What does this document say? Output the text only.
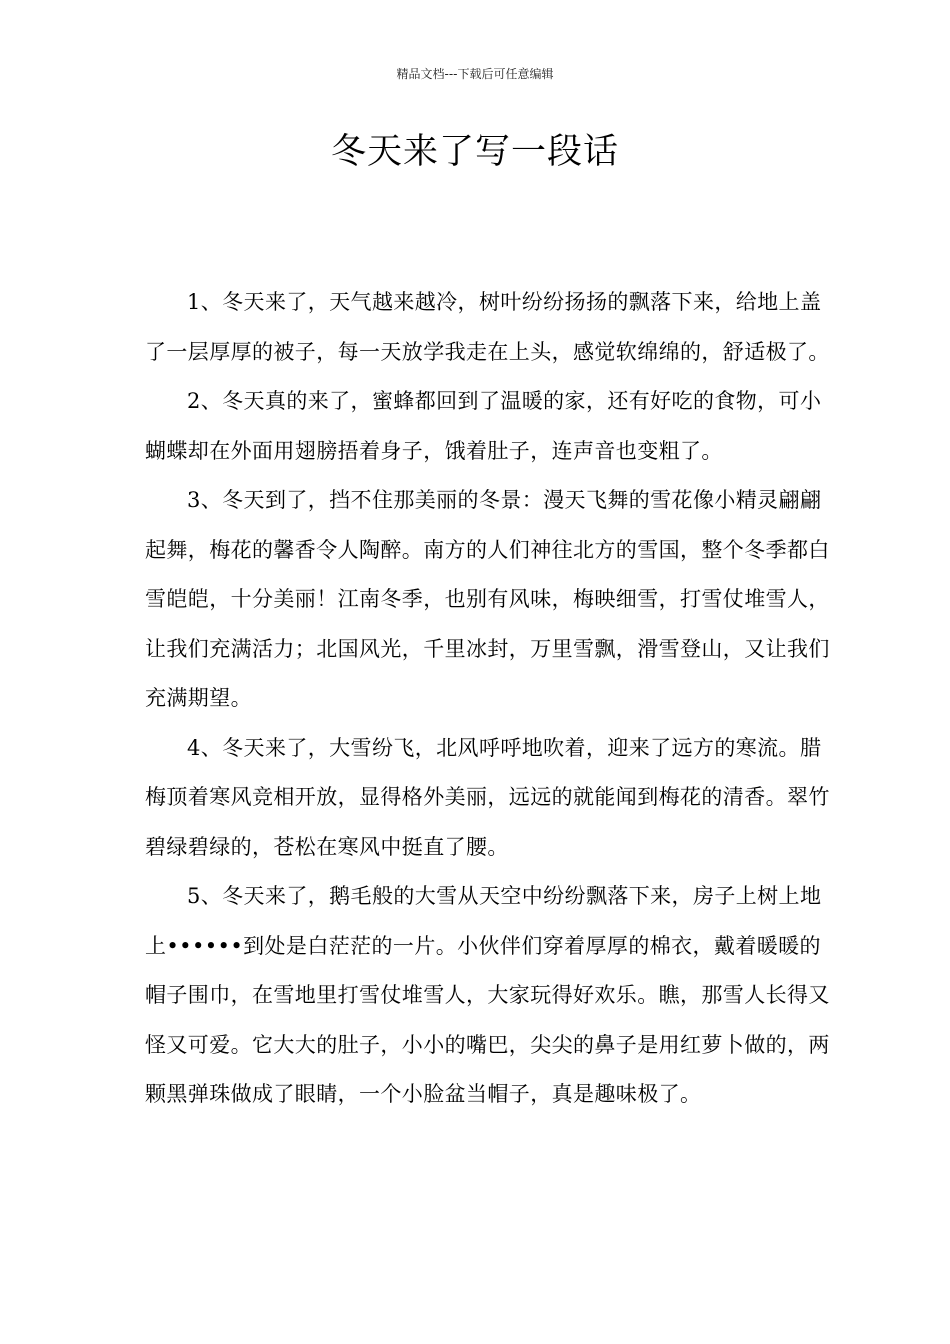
精品文档---下载后可任意编辑
冬天来了写一段话

1、冬天来了，天气越来越冷，树叶纷纷扬扬的飘落下来，给地上盖了一层厚厚的被子，每一天放学我走在上头，感觉软绵绵的，舒适极了。

2、冬天真的来了，蜜蜂都回到了温暖的家，还有好吃的食物，可小蝴蝶却在外面用翅膀捂着身子，饿着肚子，连声音也变粗了。

3、冬天到了，挡不住那美丽的冬景：漫天飞舞的雪花像小精灵翩翩起舞，梅花的馨香令人陶醉。南方的人们神往北方的雪国，整个冬季都白雪皑皑，十分美丽！江南冬季，也别有风味，梅映细雪，打雪仗堆雪人，让我们充满活力；北国风光，千里冰封，万里雪飘，滑雪登山，又让我们充满期望。

4、冬天来了，大雪纷飞，北风呼呼地吹着，迎来了远方的寒流。腊梅顶着寒风竞相开放，显得格外美丽，远远的就能闻到梅花的清香。翠竹碧绿碧绿的，苍松在寒风中挺直了腰。

5、冬天来了，鹅毛般的大雪从天空中纷纷飘落下来，房子上树上地上••••••到处是白茫茫的一片。小伙伴们穿着厚厚的棉衣，戴着暖暖的帽子围巾，在雪地里打雪仗堆雪人，大家玩得好欢乐。瞧，那雪人长得又怪又可爱。它大大的肚子，小小的嘴巴，尖尖的鼻子是用红萝卜做的，两颗黑弹珠做成了眼睛，一个小脸盆当帽子，真是趣味极了。
